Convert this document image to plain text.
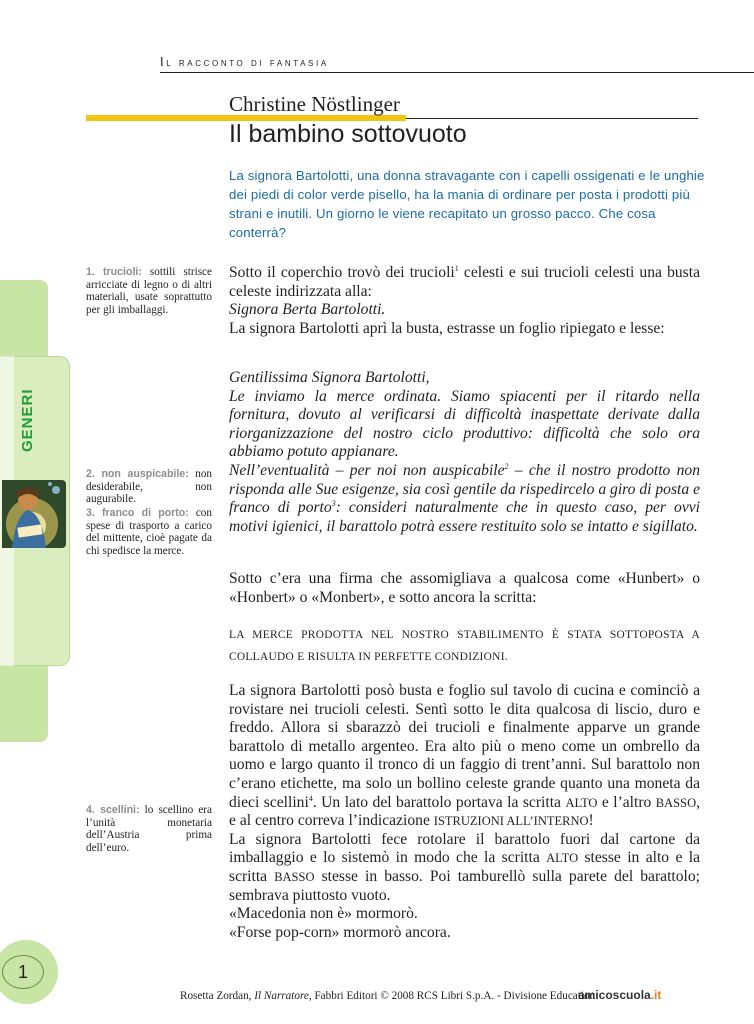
Il racconto di fantasia
Christine Nöstlinger
Il bambino sottovuoto
La signora Bartolotti, una donna stravagante con i capelli ossigenati e le unghie dei piedi di color verde pisello, ha la mania di ordinare per posta i prodotti più strani e inutili. Un giorno le viene recapitato un grosso pacco. Che cosa conterrà?
GENERI
1. trucioli: sottili strisce arricciate di legno o di altri materiali, usate soprattutto per gli imballaggi.
2. non auspicabile: non desiderabile, non augurabile.
3. franco di porto: con spese di trasporto a carico del mittente, cioè pagate da chi spedisce la merce.
4. scellini: lo scellino era l’unità monetaria dell’Austria prima dell’euro.

Sotto il coperchio trovò dei trucioli$^1$ celesti e sui trucioli celesti una busta celeste indirizzata alla:

Signora Berta Bartolotti.

La signora Bartolotti aprì la busta, estrasse un foglio ripiegato e lesse:

Gentilissima Signora Bartolotti,

Le inviamo la merce ordinata. Siamo spiacenti per il ritardo nella fornitura, dovuto al verificarsi di difficoltà inaspettate derivate dalla riorganizzazione del nostro ciclo produttivo: difficoltà che solo ora abbiamo potuto appianare.

Nell’eventualità – per noi non auspicabile$^2$ – che il nostro prodotto non risponda alle Sue esigenze, sia così gentile da rispedircelo a giro di posta e franco di porto$^3$: consideri naturalmente che in questo caso, per ovvi motivi igienici, il barattolo potrà essere restituito solo se intatto e sigillato.

Sotto c’era una firma che assomigliava a qualcosa come «Hunbert» o «Honbert» o «Monbert», e sotto ancora la scritta:

LA MERCE PRODOTTA NEL NOSTRO STABILIMENTO È STATA SOTTOPOSTA A COLLAUDO E RISULTA IN PERFETTE CONDIZIONI.

La signora Bartolotti posò busta e foglio sul tavolo di cucina e cominciò a rovistare nei trucioli celesti. Sentì sotto le dita qualcosa di liscio, duro e freddo. Allora si sbarazzò dei trucioli e finalmente apparve un grande barattolo di metallo argenteo. Era alto più o meno come un ombrello da uomo e largo quanto il tronco di un faggio di trent’anni. Sul barattolo non c’erano etichette, ma solo un bollino celeste grande quanto una moneta da dieci scellini$^4$. Un lato del barattolo portava la scritta ALTO e l’altro BASSO, e al centro correva l’indicazione ISTRUZIONI ALL’INTERNO!

La signora Bartolotti fece rotolare il barattolo fuori dal cartone da imballaggio e lo sistemò in modo che la scritta ALTO stesse in alto e la scritta BASSO stesse in basso. Poi tamburellò sulla parete del barattolo; sembrava piuttosto vuoto.

«Macedonia non è» mormorò.

«Forse pop-corn» mormorò ancora.

1
Rosetta Zordan, Il Narratore, Fabbri Editori © 2008 RCS Libri S.p.A. - Divisione Education
amicoscuola.it
